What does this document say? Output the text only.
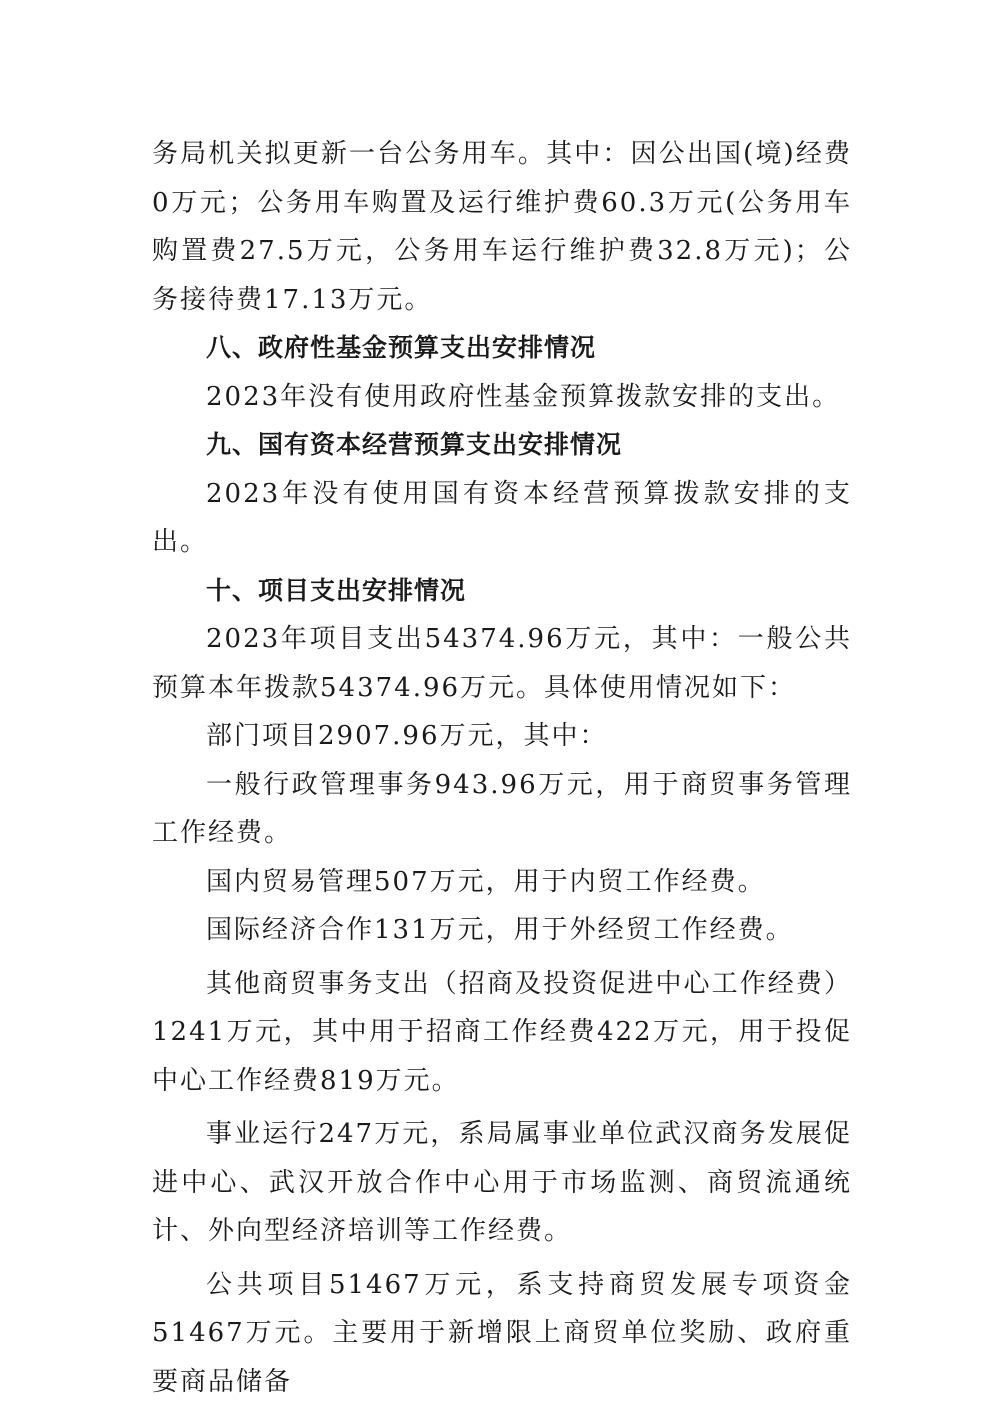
务局机关拟更新一台公务用车。其中：因公出国(境)经费0万元；公务用车购置及运行维护费60.3万元(公务用车购置费27.5万元，公务用车运行维护费32.8万元)；公务接待费17.13万元。

八、政府性基金预算支出安排情况

2023年没有使用政府性基金预算拨款安排的支出。

九、国有资本经营预算支出安排情况

2023年没有使用国有资本经营预算拨款安排的支出。

十、项目支出安排情况

2023年项目支出54374.96万元，其中：一般公共预算本年拨款54374.96万元。具体使用情况如下：

部门项目2907.96万元，其中：

一般行政管理事务943.96万元，用于商贸事务管理工作经费。

国内贸易管理507万元，用于内贸工作经费。

国际经济合作131万元，用于外经贸工作经费。

其他商贸事务支出（招商及投资促进中心工作经费）1241万元，其中用于招商工作经费422万元，用于投促中心工作经费819万元。

事业运行247万元，系局属事业单位武汉商务发展促进中心、武汉开放合作中心用于市场监测、商贸流通统计、外向型经济培训等工作经费。

公共项目51467万元，系支持商贸发展专项资金51467万元。主要用于新增限上商贸单位奖励、政府重要商品储备
